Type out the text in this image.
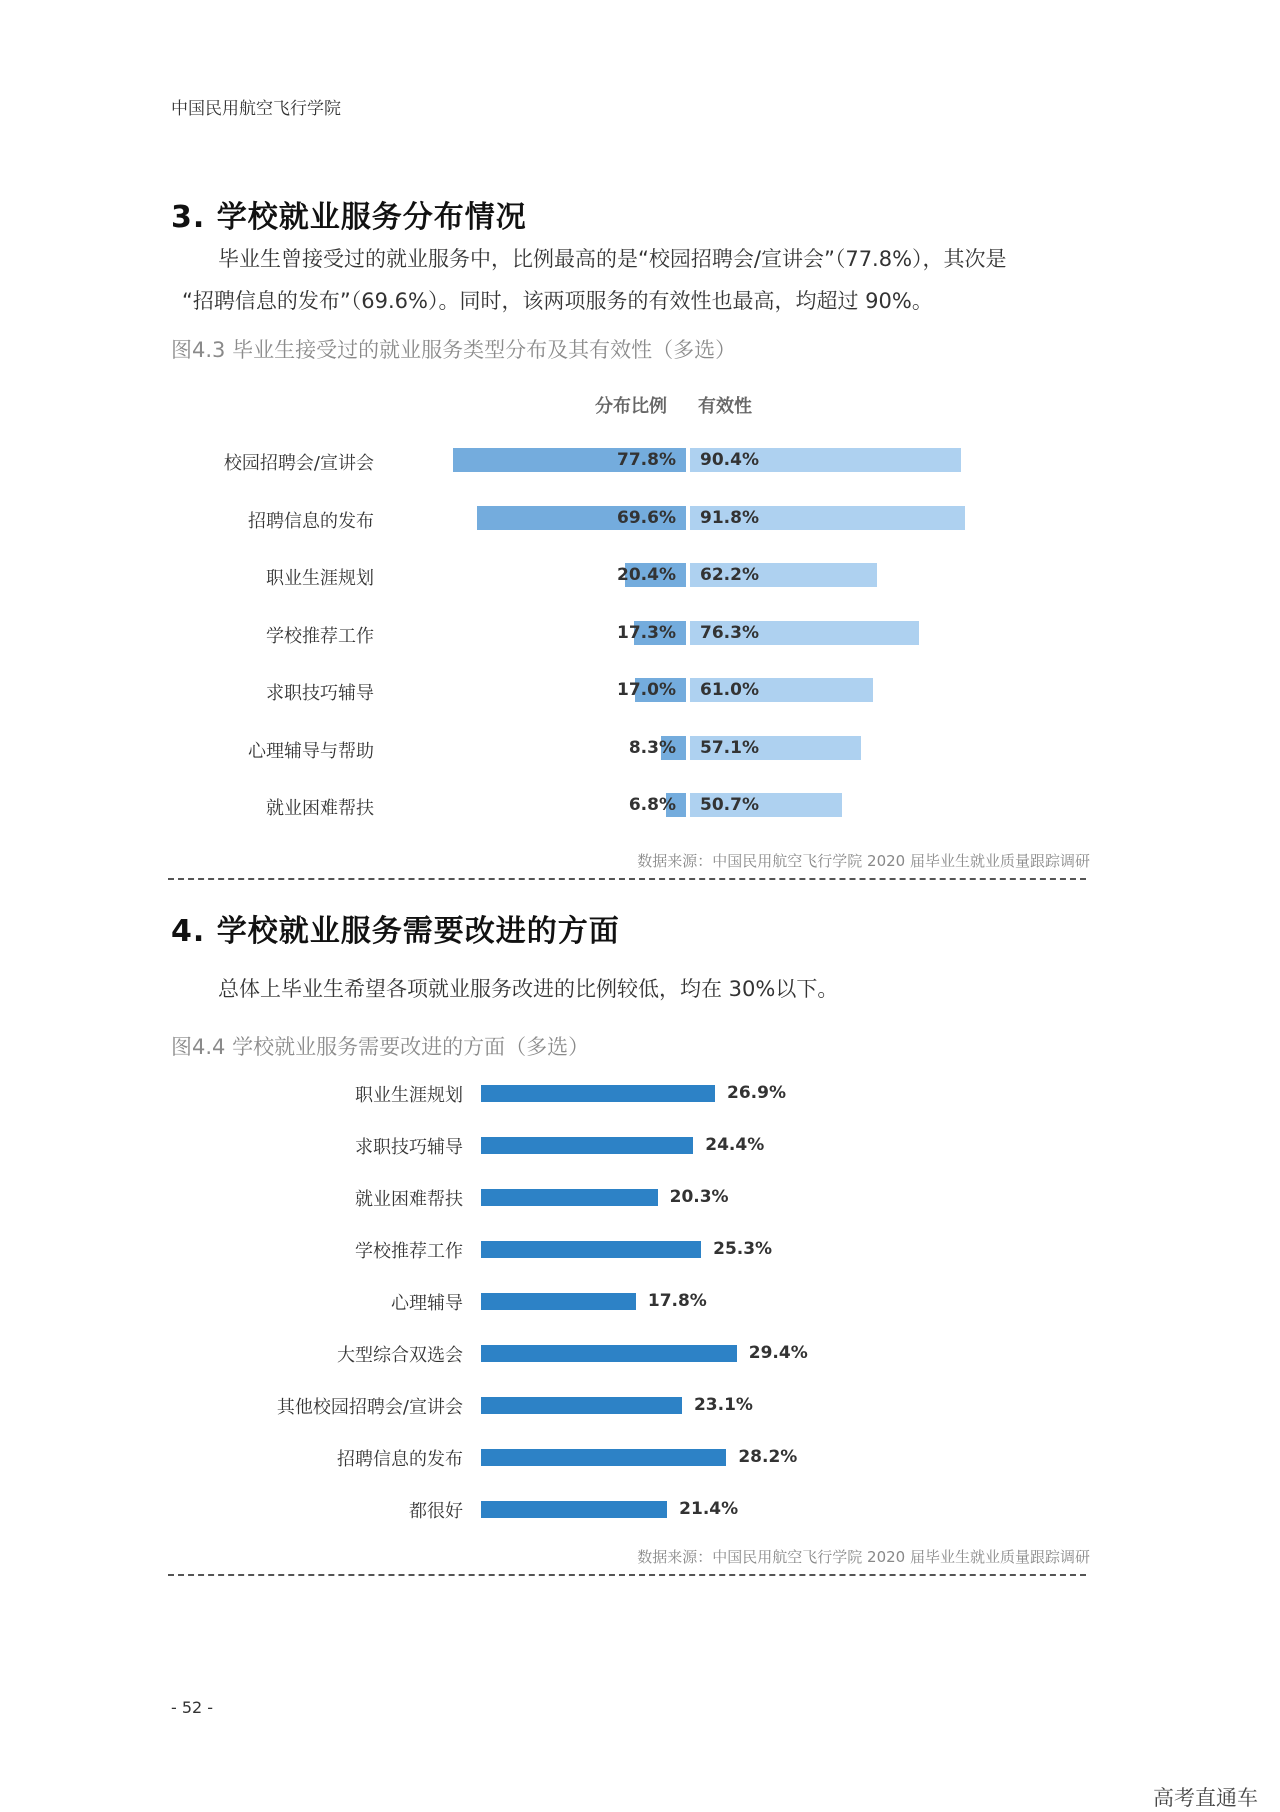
中国民用航空飞行学院
3. 学校就业服务分布情况
毕业生曾接受过的就业服务中，比例最高的是“校园招聘会/宣讲会”（77.8%），其次是
“招聘信息的发布”（69.6%）。同时，该两项服务的有效性也最高，均超过 90%。
图4.3 毕业生接受过的就业服务类型分布及其有效性（多选）
分布比例 有效性
校园招聘会/宣讲会	77.8% 90.4%
招聘信息的发布	69.6% 91.8%
职业生涯规划	20.4% 62.2%
学校推荐工作	17.3% 76.3%
求职技巧辅导	17.0% 61.0%
心理辅导与帮助	8.3% 57.1%
就业困难帮扶	6.8% 50.7%
数据来源：中国民用航空飞行学院 2020 届毕业生就业质量跟踪调研
4. 学校就业服务需要改进的方面
总体上毕业生希望各项就业服务改进的比例较低，均在 30%以下。
图4.4 学校就业服务需要改进的方面（多选）
职业生涯规划	26.9%
求职技巧辅导	24.4%
就业困难帮扶	20.3%
学校推荐工作	25.3%
心理辅导	17.8%
大型综合双选会	29.4%
其他校园招聘会/宣讲会	23.1%
招聘信息的发布	28.2%
都很好	21.4%
数据来源：中国民用航空飞行学院 2020 届毕业生就业质量跟踪调研
- 52 -
高考直通车
